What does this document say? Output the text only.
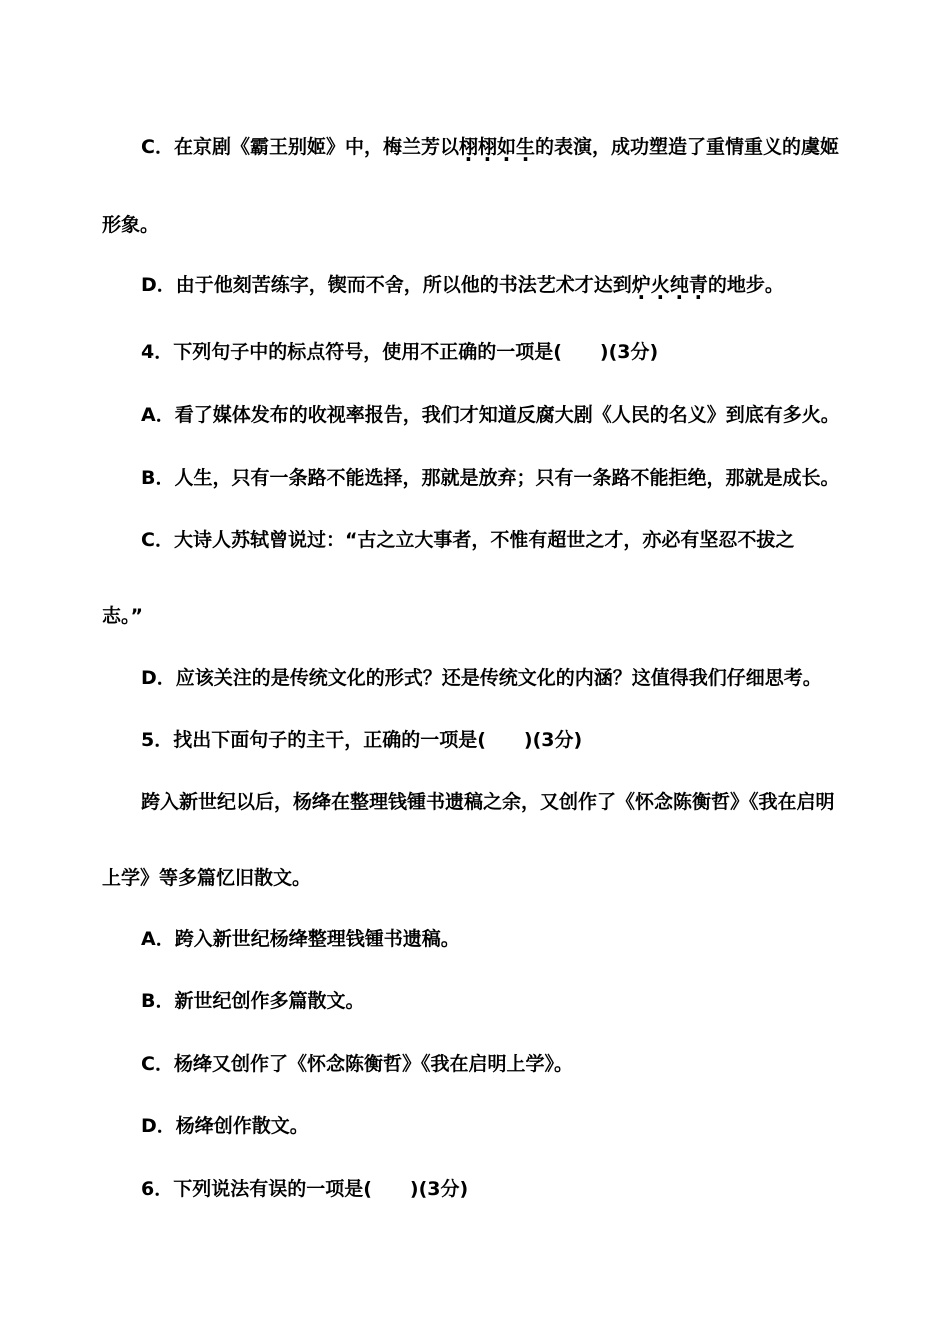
C．在京剧《霸王别姬》中，梅兰芳以栩栩如生的表演，成功塑造了重情重义的虞姬
形象。
D．由于他刻苦练字，锲而不舍，所以他的书法艺术才达到炉火纯青的地步。
4．下列句子中的标点符号，使用不正确的一项是(　　)(3分)
A．看了媒体发布的收视率报告，我们才知道反腐大剧《人民的名义》到底有多火。
B．人生，只有一条路不能选择，那就是放弃；只有一条路不能拒绝，那就是成长。
C．大诗人苏轼曾说过：“古之立大事者，不惟有超世之才，亦必有坚忍不拔之
志。”
D．应该关注的是传统文化的形式？还是传统文化的内涵？这值得我们仔细思考。
5．找出下面句子的主干，正确的一项是(　　)(3分)
跨入新世纪以后，杨绛在整理钱锺书遗稿之余，又创作了《怀念陈衡哲》《我在启明
上学》等多篇忆旧散文。
A．跨入新世纪杨绛整理钱锺书遗稿。
B．新世纪创作多篇散文。
C．杨绛又创作了《怀念陈衡哲》《我在启明上学》。
D．杨绛创作散文。
6．下列说法有误的一项是(　　)(3分)
